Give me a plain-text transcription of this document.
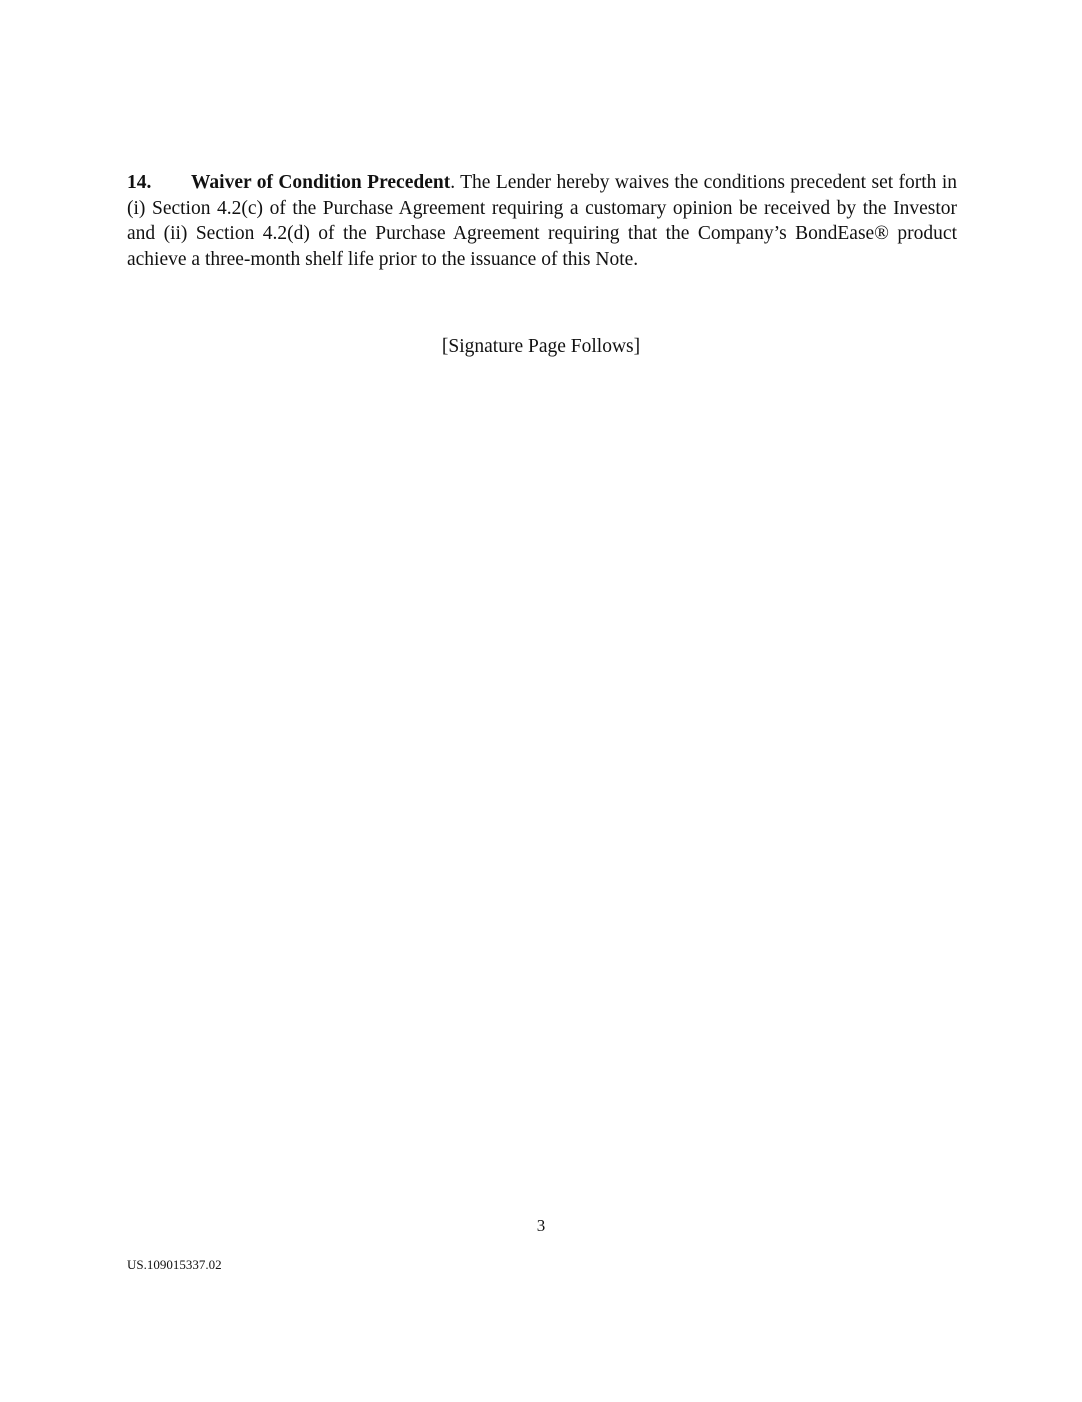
14. Waiver of Condition Precedent. The Lender hereby waives the conditions precedent set forth in (i) Section 4.2(c) of the Purchase Agreement requiring a customary opinion be received by the Investor and (ii) Section 4.2(d) of the Purchase Agreement requiring that the Company’s BondEase® product achieve a three-month shelf life prior to the issuance of this Note.

[Signature Page Follows]
3
US.109015337.02
